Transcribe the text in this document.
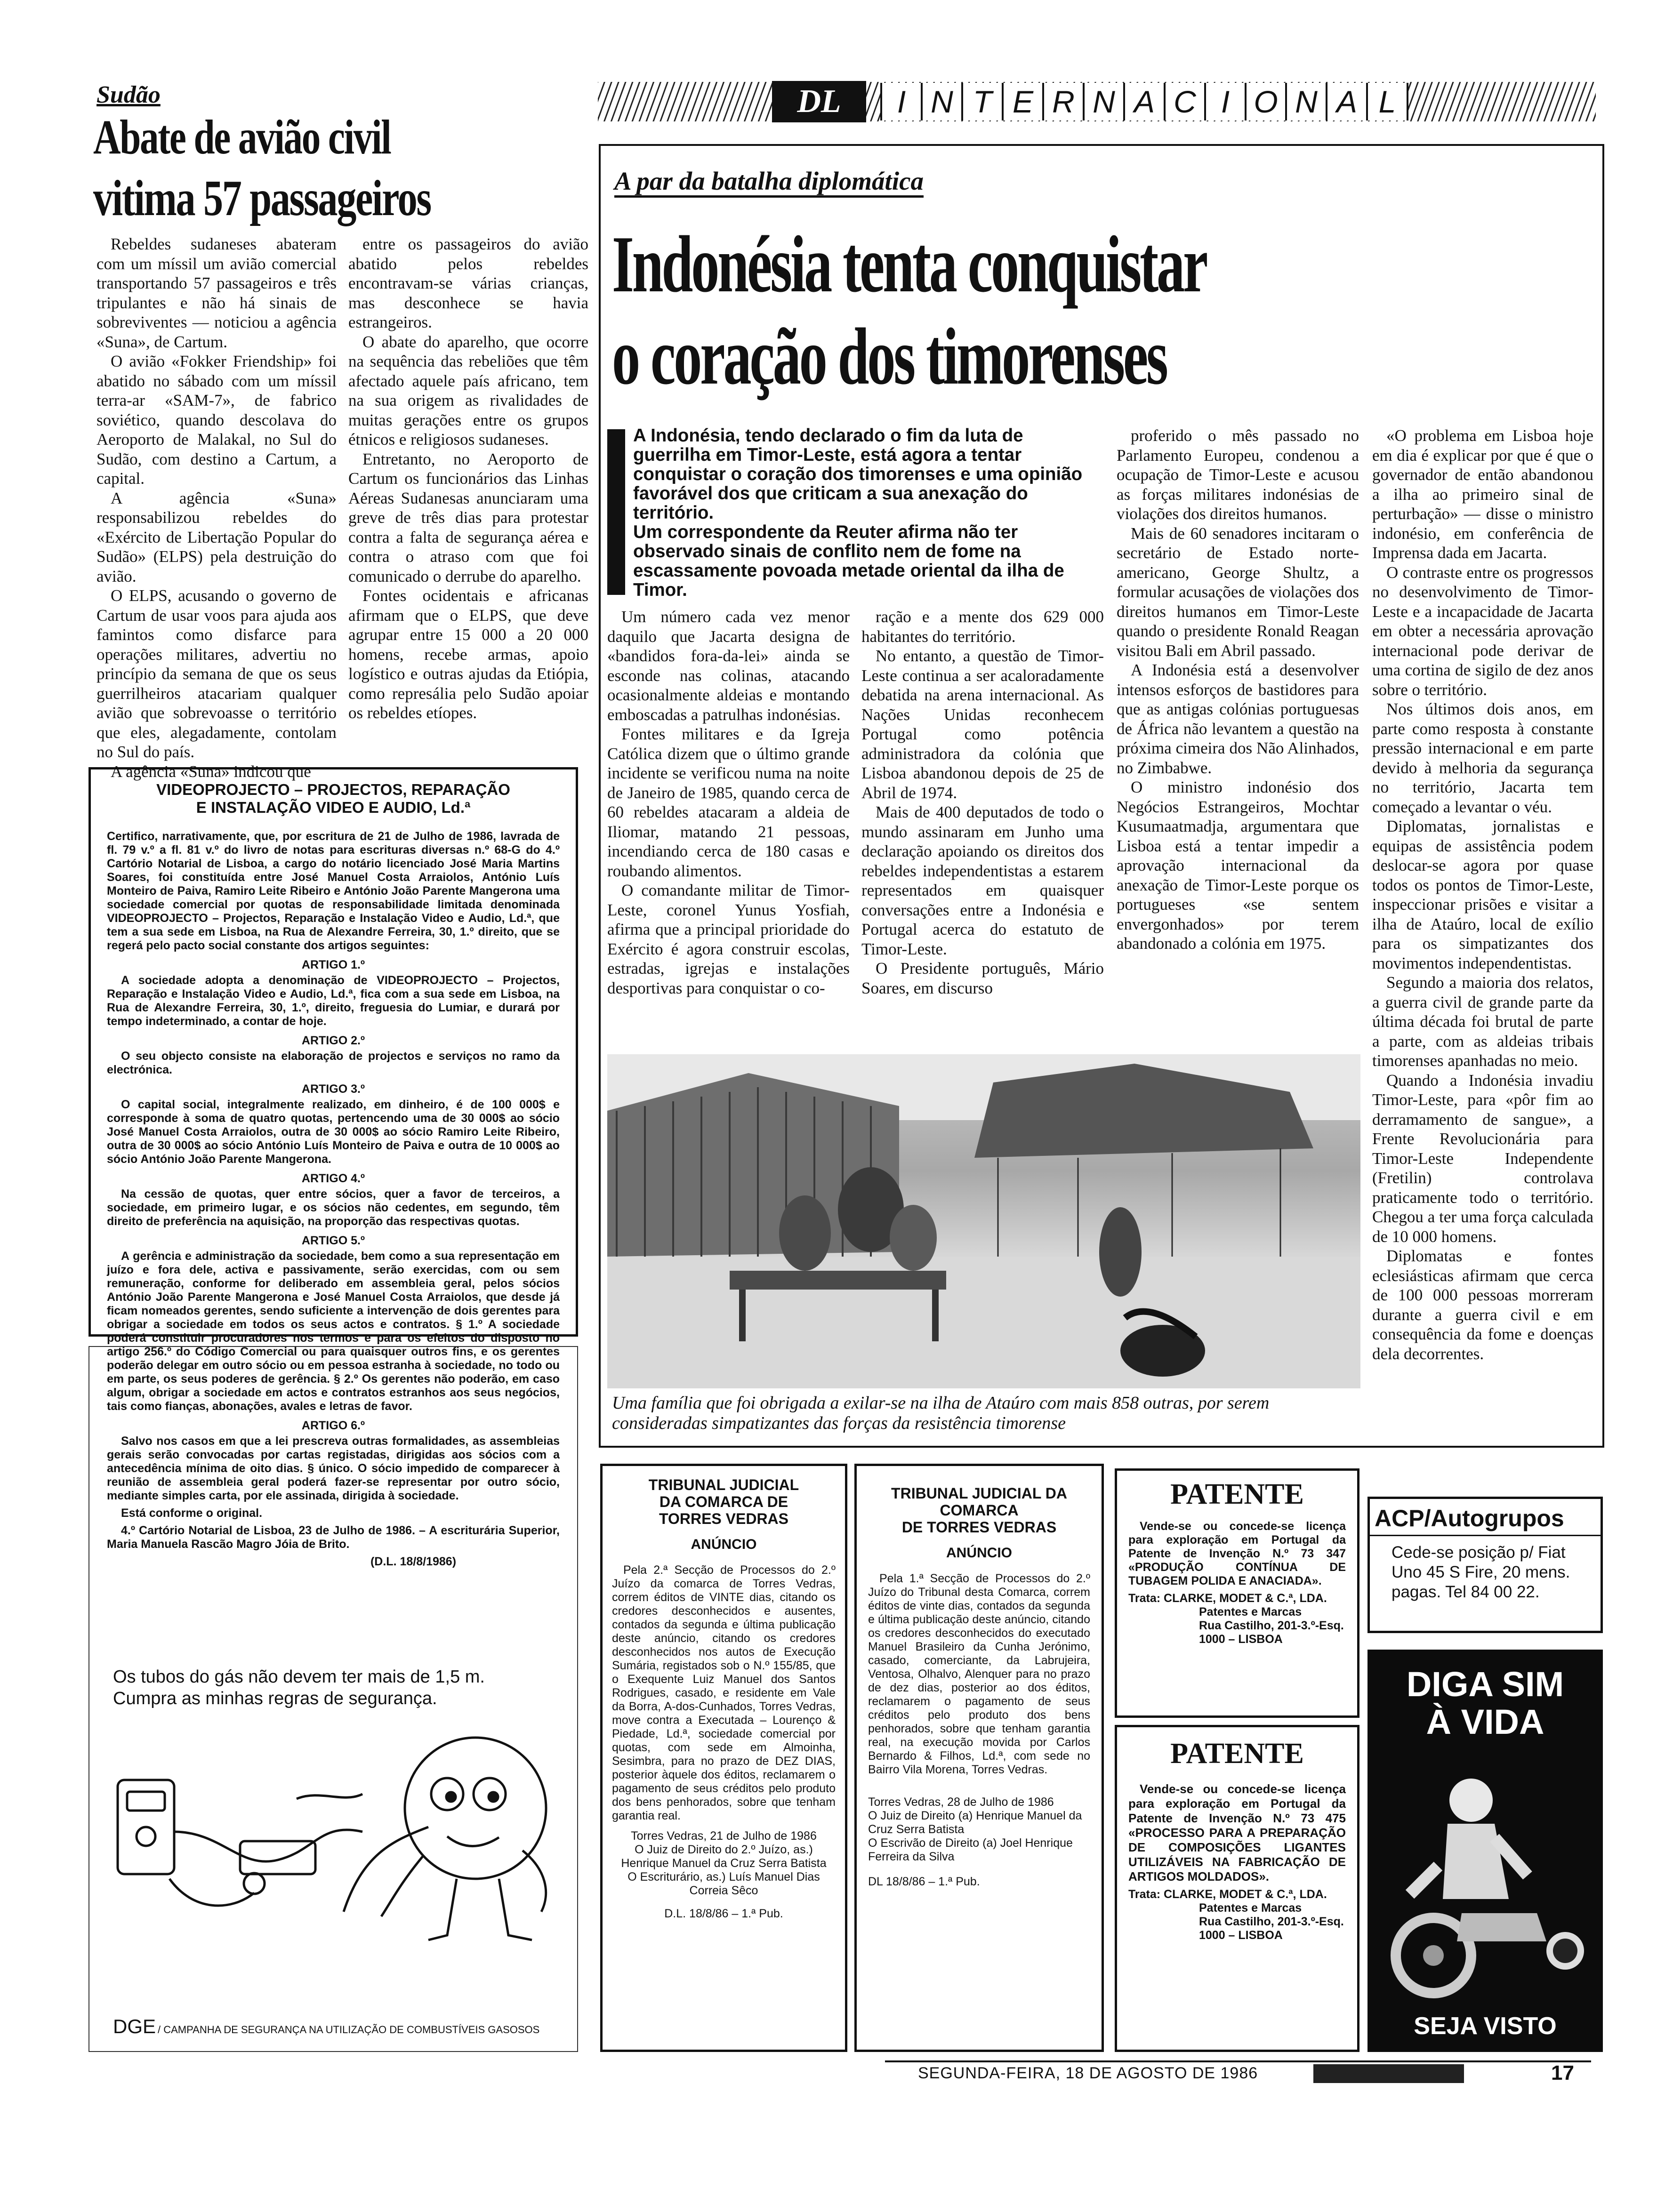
DL	I N T E R N A C I O N A L
Sudão
Abate de avião civil
vitima 57 passageiros

Rebeldes sudaneses abateram com um míssil um avião comercial transportando 57 passageiros e três tripulantes e não há sinais de sobreviventes — noticiou a agência «Suna», de Cartum.

O avião «Fokker Friendship» foi abatido no sábado com um míssil terra-ar «SAM-7», de fabrico soviético, quando descolava do Aeroporto de Malakal, no Sul do Sudão, com destino a Cartum, a capital.

A agência «Suna» responsabilizou rebeldes do «Exército de Libertação Popular do Sudão» (ELPS) pela destruição do avião.

O ELPS, acusando o governo de Cartum de usar voos para ajuda aos famintos como disfarce para operações militares, advertiu no princípio da semana de que os seus guerrilheiros atacariam qualquer avião que sobrevoasse o território que eles, alegadamente, contolam no Sul do país.

A agência «Suna» indicou que

entre os passageiros do avião abatido pelos rebeldes encontravam-se várias crianças, mas desconhece se havia estrangeiros.

O abate do aparelho, que ocorre na sequência das rebeliões que têm afectado aquele país africano, tem na sua origem as rivalidades de muitas gerações entre os grupos étnicos e religiosos sudaneses.

Entretanto, no Aeroporto de Cartum os funcionários das Linhas Aéreas Sudanesas anunciaram uma greve de três dias para protestar contra a falta de segurança aérea e contra o atraso com que foi comunicado o derrube do aparelho.

Fontes ocidentais e africanas afirmam que o ELPS, que deve agrupar entre 15 000 a 20 000 homens, recebe armas, apoio logístico e outras ajudas da Etiópia, como represália pelo Sudão apoiar os rebeldes etíopes.

VIDEOPROJECTO – PROJECTOS, REPARAÇÃO
E INSTALAÇÃO VIDEO E AUDIO, Ld.ª

Certifico, narrativamente, que, por escritura de 21 de Julho de 1986, lavrada de fl. 79 v.º a fl. 81 v.º do livro de notas para escrituras diversas n.º 68-G do 4.º Cartório Notarial de Lisboa, a cargo do notário licenciado José Maria Martins Soares, foi constituída entre José Manuel Costa Arraiolos, António Luís Monteiro de Paiva, Ramiro Leite Ribeiro e António João Parente Mangerona uma sociedade comercial por quotas de responsabilidade limitada denominada VIDEOPROJECTO – Projectos, Reparação e Instalação Video e Audio, Ld.ª, que tem a sua sede em Lisboa, na Rua de Alexandre Ferreira, 30, 1.º direito, que se regerá pelo pacto social constante dos artigos seguintes:

ARTIGO 1.º

A sociedade adopta a denominação de VIDEOPROJECTO – Projectos, Reparação e Instalação Video e Audio, Ld.ª, fica com a sua sede em Lisboa, na Rua de Alexandre Ferreira, 30, 1.º, direito, freguesia do Lumiar, e durará por tempo indeterminado, a contar de hoje.

ARTIGO 2.º

O seu objecto consiste na elaboração de projectos e serviços no ramo da electrónica.

ARTIGO 3.º

O capital social, integralmente realizado, em dinheiro, é de 100 000$ e corresponde à soma de quatro quotas, pertencendo uma de 30 000$ ao sócio José Manuel Costa Arraiolos, outra de 30 000$ ao sócio Ramiro Leite Ribeiro, outra de 30 000$ ao sócio António Luís Monteiro de Paiva e outra de 10 000$ ao sócio António João Parente Mangerona.

ARTIGO 4.º

Na cessão de quotas, quer entre sócios, quer a favor de terceiros, a sociedade, em primeiro lugar, e os sócios não cedentes, em segundo, têm direito de preferência na aquisição, na proporção das respectivas quotas.

ARTIGO 5.º

A gerência e administração da sociedade, bem como a sua representação em juízo e fora dele, activa e passivamente, serão exercidas, com ou sem remuneração, conforme for deliberado em assembleia geral, pelos sócios António João Parente Mangerona e José Manuel Costa Arraiolos, que desde já ficam nomeados gerentes, sendo suficiente a intervenção de dois gerentes para obrigar a sociedade em todos os seus actos e contratos. § 1.º A sociedade poderá constituir procuradores nos termos e para os efeitos do disposto no artigo 256.º do Código Comercial ou para quaisquer outros fins, e os gerentes poderão delegar em outro sócio ou em pessoa estranha à sociedade, no todo ou em parte, os seus poderes de gerência. § 2.º Os gerentes não poderão, em caso algum, obrigar a sociedade em actos e contratos estranhos aos seus negócios, tais como fianças, abonações, avales e letras de favor.

ARTIGO 6.º

Salvo nos casos em que a lei prescreva outras formalidades, as assembleias gerais serão convocadas por cartas registadas, dirigidas aos sócios com a antecedência mínima de oito dias. § único. O sócio impedido de comparecer à reunião de assembleia geral poderá fazer-se representar por outro sócio, mediante simples carta, por ele assinada, dirigida à sociedade.

Está conforme o original.

4.º Cartório Notarial de Lisboa, 23 de Julho de 1986. – A escriturária Superior, Maria Manuela Rascão Magro Jóia de Brito.

(D.L. 18/8/1986)
Os tubos do gás não devem ter mais de 1,5 m.
Cumpra as minhas regras de segurança.
DGE / CAMPANHA DE SEGURANÇA NA UTILIZAÇÃO DE COMBUSTÍVEIS GASOSOS
A par da batalha diplomática
Indonésia tenta conquistar
o coração dos timorenses
A Indonésia, tendo declarado o fim da luta de guerrilha em Timor-Leste, está agora a tentar conquistar o coração dos timorenses e uma opinião favorável dos que criticam a sua anexação do território.
Um correspondente da Reuter afirma não ter observado sinais de conflito nem de fome na escassamente povoada metade oriental da ilha de Timor.

Um número cada vez menor daquilo que Jacarta designa de «bandidos fora-da-lei» ainda se esconde nas colinas, atacando ocasionalmente aldeias e montando emboscadas a patrulhas indonésias.

Fontes militares e da Igreja Católica dizem que o último grande incidente se verificou numa na noite de Janeiro de 1985, quando cerca de 60 rebeldes atacaram a aldeia de Iliomar, matando 21 pessoas, incendiando cerca de 180 casas e roubando alimentos.

O comandante militar de Timor-Leste, coronel Yunus Yosfiah, afirma que a principal prioridade do Exército é agora construir escolas, estradas, igrejas e instalações desportivas para conquistar o co-

ração e a mente dos 629 000 habitantes do território.

No entanto, a questão de Timor-Leste continua a ser acaloradamente debatida na arena internacional. As Nações Unidas reconhecem Portugal como potência administradora da colónia que Lisboa abandonou depois de 25 de Abril de 1974.

Mais de 400 deputados de todo o mundo assinaram em Junho uma declaração apoiando os direitos dos rebeldes independentistas a estarem representados em quaisquer conversações entre a Indonésia e Portugal acerca do estatuto de Timor-Leste.

O Presidente português, Mário Soares, em discurso

proferido o mês passado no Parlamento Europeu, condenou a ocupação de Timor-Leste e acusou as forças militares indonésias de violações dos direitos humanos.

Mais de 60 senadores incitaram o secretário de Estado norte-americano, George Shultz, a formular acusações de violações dos direitos humanos em Timor-Leste quando o presidente Ronald Reagan visitou Bali em Abril passado.

A Indonésia está a desenvolver intensos esforços de bastidores para que as antigas colónias portuguesas de África não levantem a questão na próxima cimeira dos Não Alinhados, no Zimbabwe.

O ministro indonésio dos Negócios Estrangeiros, Mochtar Kusumaatmadja, argumentara que Lisboa está a tentar impedir a aprovação internacional da anexação de Timor-Leste porque os portugueses «se sentem envergonhados» por terem abandonado a colónia em 1975.

«O problema em Lisboa hoje em dia é explicar por que é que o governador de então abandonou a ilha ao primeiro sinal de perturbação» — disse o ministro indonésio, em conferência de Imprensa dada em Jacarta.

O contraste entre os progressos no desenvolvimento de Timor-Leste e a incapacidade de Jacarta em obter a necessária aprovação internacional pode derivar de uma cortina de sigilo de dez anos sobre o território.

Nos últimos dois anos, em parte como resposta à constante pressão internacional e em parte devido à melhoria da segurança no território, Jacarta tem começado a levantar o véu.

Diplomatas, jornalistas e equipas de assistência podem deslocar-se agora por quase todos os pontos de Timor-Leste, inspeccionar prisões e visitar a ilha de Ataúro, local de exílio para os simpatizantes dos movimentos independentistas.

Segundo a maioria dos relatos, a guerra civil de grande parte da última década foi brutal de parte a parte, com as aldeias tribais timorenses apanhadas no meio.

Quando a Indonésia invadiu Timor-Leste, para «pôr fim ao derramamento de sangue», a Frente Revolucionária para Timor-Leste Independente (Fretilin) controlava praticamente todo o território. Chegou a ter uma força calculada de 10 000 homens.

Diplomatas e fontes eclesiásticas afirmam que cerca de 100 000 pessoas morreram durante a guerra civil e em consequência da fome e doenças dela decorrentes.

Uma família que foi obrigada a exilar-se na ilha de Ataúro com mais 858 outras, por serem consideradas simpatizantes das forças da resistência timorense
TRIBUNAL JUDICIAL
DA COMARCA DE
TORRES VEDRAS
ANÚNCIO

Pela 2.ª Secção de Processos do 2.º Juízo da comarca de Torres Vedras, correm éditos de VINTE dias, citando os credores desconhecidos e ausentes, contados da segunda e última publicação deste anúncio, citando os credores desconhecidos nos autos de Execução Sumária, registados sob o N.º 155/85, que o Exequente Luiz Manuel dos Santos Rodrigues, casado, e residente em Vale da Borra, A-dos-Cunhados, Torres Vedras, move contra a Executada – Lourenço & Piedade, Ld.ª, sociedade comercial por quotas, com sede em Almoinha, Sesimbra, para no prazo de DEZ DIAS, posterior àquele dos éditos, reclamarem o pagamento de seus créditos pelo produto dos bens penhorados, sobre que tenham garantia real.

Torres Vedras, 21 de Julho de 1986
O Juiz de Direito do 2.º Juízo, as.) Henrique Manuel da Cruz Serra Batista
O Escriturário, as.) Luís Manuel Dias Correia Sêco
D.L. 18/8/86 – 1.ª Pub.
TRIBUNAL JUDICIAL DA
COMARCA
DE TORRES VEDRAS
ANÚNCIO

Pela 1.ª Secção de Processos do 2.º Juízo do Tribunal desta Comarca, correm éditos de vinte dias, contados da segunda e última publicação deste anúncio, citando os credores desconhecidos do executado Manuel Brasileiro da Cunha Jerónimo, casado, comerciante, da Labrujeira, Ventosa, Olhalvo, Alenquer para no prazo de dez dias, posterior ao dos éditos, reclamarem o pagamento de seus créditos pelo produto dos bens penhorados, sobre que tenham garantia real, na execução movida por Carlos Bernardo & Filhos, Ld.ª, com sede no Bairro Vila Morena, Torres Vedras.

Torres Vedras, 28 de Julho de 1986
O Juiz de Direito (a) Henrique Manuel da Cruz Serra Batista
O Escrivão de Direito (a) Joel Henrique Ferreira da Silva
DL 18/8/86 – 1.ª Pub.
PATENTE

Vende-se ou concede-se licença para exploração em Portugal da Patente de Invenção N.º 73 347 «PRODUÇÃO CONTÍNUA DE TUBAGEM POLIDA E ANACIADA».

Trata: CLARKE, MODET & C.ª, LDA.
Patentes e Marcas
Rua Castilho, 201-3.º-Esq.
1000 – LISBOA
PATENTE

Vende-se ou concede-se licença para exploração em Portugal da Patente de Invenção N.º 73 475 «PROCESSO PARA A PREPARAÇÃO DE COMPOSIÇÕES LIGANTES UTILIZÁVEIS NA FABRICAÇÃO DE ARTIGOS MOLDADOS».

Trata: CLARKE, MODET & C.ª, LDA.
Patentes e Marcas
Rua Castilho, 201-3.º-Esq.
1000 – LISBOA
ACP/Autogrupos
Cede-se posição p/ Fiat Uno 45 S Fire, 20 mens. pagas. Tel 84 00 22.
DIGA SIM
À VIDA
SEJA VISTO
SEGUNDA-FEIRA, 18 DE AGOSTO DE 1986	17
